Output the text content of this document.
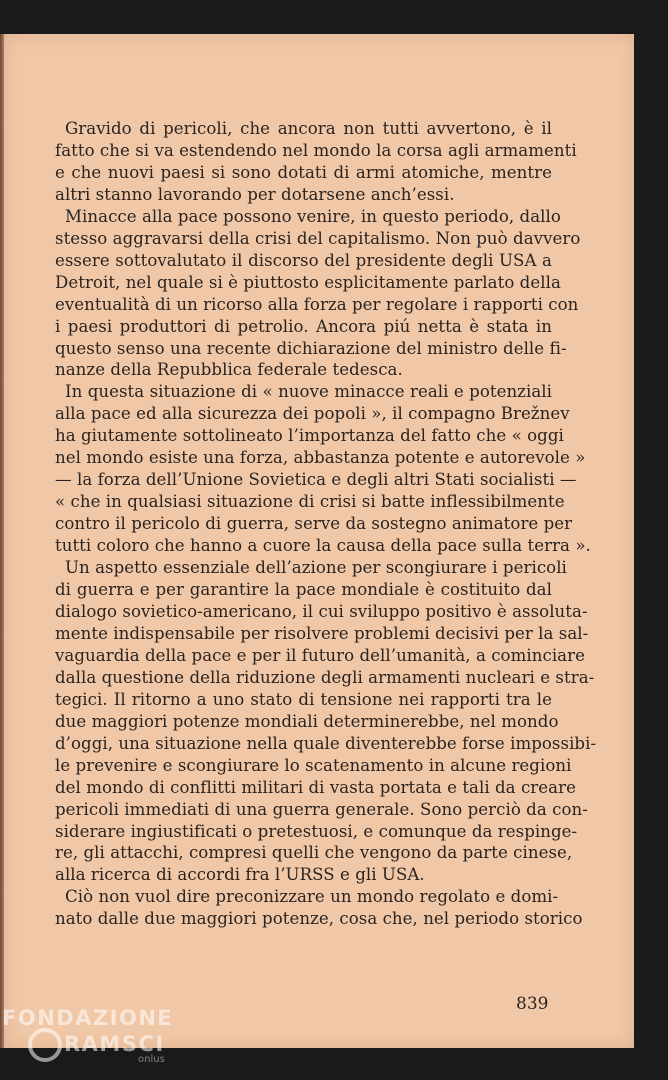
Gravido di pericoli, che ancora non tutti avvertono, è il
fatto che si va estendendo nel mondo la corsa agli armamenti
e che nuovi paesi si sono dotati di armi atomiche, mentre
altri stanno lavorando per dotarsene anch’essi.

Minacce alla pace possono venire, in questo periodo, dallo
stesso aggravarsi della crisi del capitalismo. Non può davvero
essere sottovalutato il discorso del presidente degli USA a
Detroit, nel quale si è piuttosto esplicitamente parlato della
eventualità di un ricorso alla forza per regolare i rapporti con
i paesi produttori di petrolio. Ancora piú netta è stata in
questo senso una recente dichiarazione del ministro delle fi-
nanze della Repubblica federale tedesca.

In questa situazione di « nuove minacce reali e potenziali
alla pace ed alla sicurezza dei popoli », il compagno Brežnev
ha giutamente sottolineato l’importanza del fatto che « oggi
nel mondo esiste una forza, abbastanza potente e autorevole »
— la forza dell’Unione Sovietica e degli altri Stati socialisti —
« che in qualsiasi situazione di crisi si batte inflessibilmente
contro il pericolo di guerra, serve da sostegno animatore per
tutti coloro che hanno a cuore la causa della pace sulla terra ».

Un aspetto essenziale dell’azione per scongiurare i pericoli
di guerra e per garantire la pace mondiale è costituito dal
dialogo sovietico-americano, il cui sviluppo positivo è assoluta-
mente indispensabile per risolvere problemi decisivi per la sal-
vaguardia della pace e per il futuro dell’umanità, a cominciare
dalla questione della riduzione degli armamenti nucleari e stra-
tegici. Il ritorno a uno stato di tensione nei rapporti tra le
due maggiori potenze mondiali determinerebbe, nel mondo
d’oggi, una situazione nella quale diventerebbe forse impossibi-
le prevenire e scongiurare lo scatenamento in alcune regioni
del mondo di conflitti militari di vasta portata e tali da creare
pericoli immediati di una guerra generale. Sono perciò da con-
siderare ingiustificati o pretestuosi, e comunque da respinge-
re, gli attacchi, compresi quelli che vengono da parte cinese,
alla ricerca di accordi fra l’URSS e gli USA.

Ciò non vuol dire preconizzare un mondo regolato e domi-
nato dalle due maggiori potenze, cosa che, nel periodo storico

839
FONDAZIONE
RAMSCI
onlus
